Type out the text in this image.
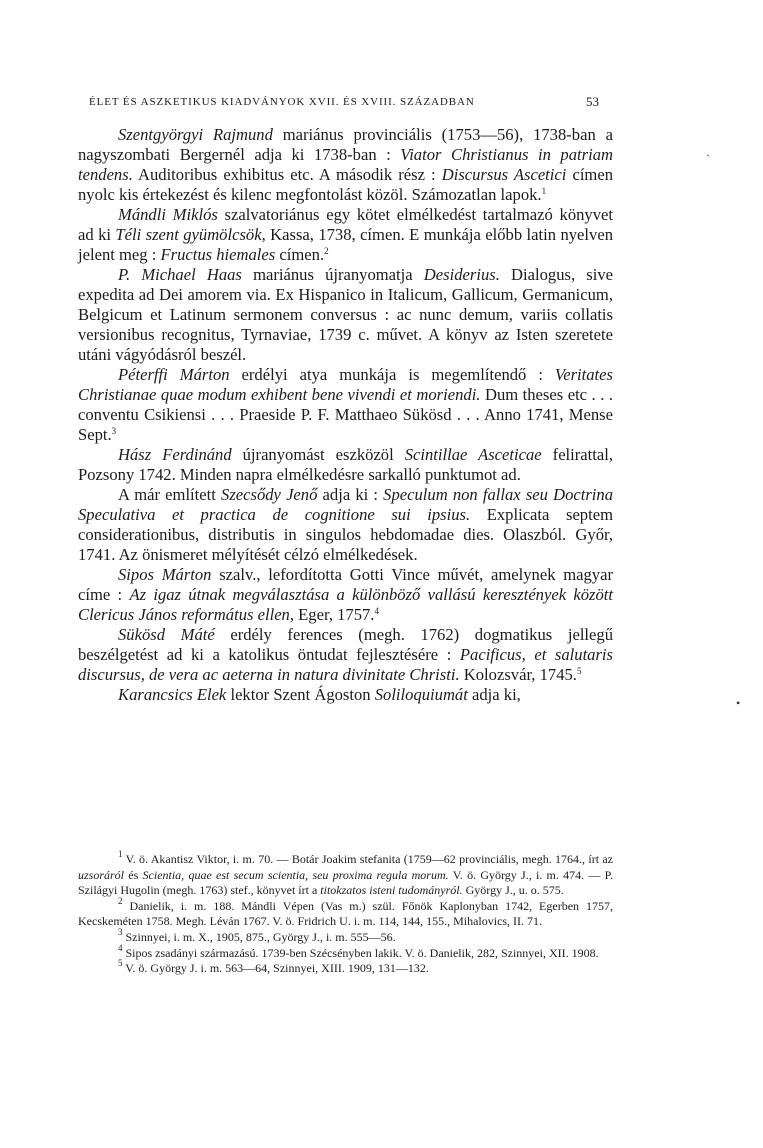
ÉLET ÉS ASZKETIKUS KIADVÁNYOK XVII. ÉS XVIII. SZÁZADBAN	53

Szentgyörgyi Rajmund mariánus provinciális (1753—56), 1738-ban a nagyszombati Bergernél adja ki 1738-ban : Viator Christianus in patriam tendens. Auditoribus exhibitus etc. A második rész : Discursus Ascetici címen nyolc kis értekezést és kilenc megfontolást közöl. Számozatlan lapok.$^1$

Mándli Miklós szalvatoriánus egy kötet elmélkedést tartalmazó könyvet ad ki Téli szent gyümölcsök, Kassa, 1738, címen. E munkája előbb latin nyelven jelent meg : Fructus hiemales címen.$^2$

P. Michael Haas mariánus újranyomatja Desiderius. Dialogus, sive expedita ad Dei amorem via. Ex Hispanico in Italicum, Gallicum, Germanicum, Belgicum et Latinum sermonem conversus : ac nunc demum, variis collatis versionibus recognitus, Tyrnaviae, 1739 c. művet. A könyv az Isten szeretete utáni vágyódásról beszél.

Péterffi Márton erdélyi atya munkája is megemlítendő : Veritates Christianae quae modum exhibent bene vivendi et moriendi. Dum theses etc . . . conventu Csikiensi . . . Praeside P. F. Matthaeo Sükösd . . . Anno 1741, Mense Sept.$^3$

Hász Ferdinánd újranyomást eszközöl Scintillae Asceticae felirattal, Pozsony 1742. Minden napra elmélkedésre sarkalló punktumot ad.

A már említett Szecsődy Jenő adja ki : Speculum non fallax seu Doctrina Speculativa et practica de cognitione sui ipsius. Explicata septem considerationibus, distributis in singulos hebdomadae dies. Olaszból. Győr, 1741. Az önismeret mélyítését célzó elmélkedések.

Sipos Márton szalv., lefordította Gotti Vince művét, amelynek magyar címe : Az igaz útnak megválasztása a különböző vallású keresztények között Clericus János református ellen, Eger, 1757.$^4$

Sükösd Máté erdély ferences (megh. 1762) dogmatikus jellegű beszélgetést ad ki a katolikus öntudat fejlesztésére : Pacificus, et salutaris discursus, de vera ac aeterna in natura divinitate Christi. Kolozsvár, 1745.$^5$

Karancsics Elek lektor Szent Ágoston Soliloquiumát adja ki,

$^1$ V. ö. Akantisz Viktor, i. m. 70. — Botár Joakim stefanita (1759—62 provinciális, megh. 1764., írt az uzsoráról és Scientia, quae est secum scientia, seu proxima regula morum. V. ö. György J., i. m. 474. — P. Szilágyi Hugolin (megh. 1763) stef., könyvet írt a titokzatos isteni tudományról. György J., u. o. 575.

$^2$ Danielik, i. m. 188. Mándli Vépen (Vas m.) szül. Főnök Kaplonyban 1742, Egerben 1757, Kecskeméten 1758. Megh. Léván 1767. V. ö. Fridrich U. i. m. 114, 144, 155., Mihalovics, II. 71.

$^3$ Szinnyei, i. m. X., 1905, 875., György J., i. m. 555—56.

$^4$ Sipos zsadányi származású. 1739-ben Szécsényben lakik. V. ö. Danielik, 282, Szinnyei, XII. 1908.

$^5$ V. ö. György J. i. m. 563—64, Szinnyei, XIII. 1909, 131—132.

`
•
